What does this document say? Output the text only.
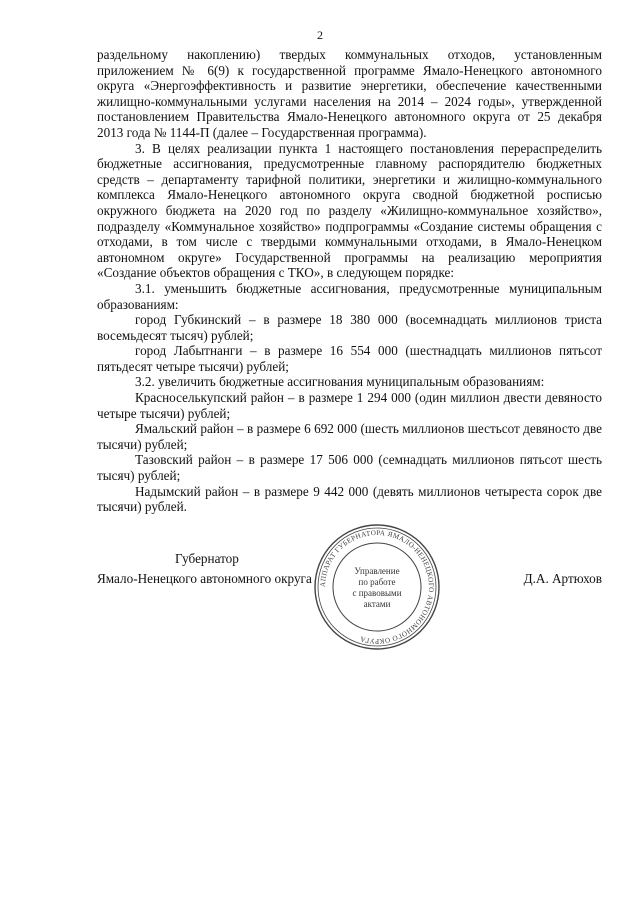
2

раздельному накоплению) твердых коммунальных отходов, установленным приложением № 6(9) к государственной программе Ямало-Ненецкого автономного округа «Энергоэффективность и развитие энергетики, обеспечение качественными жилищно-коммунальными услугами населения на 2014 – 2024 годы», утвержденной постановлением Правительства Ямало-Ненецкого автономного округа от 25 декабря 2013 года № 1144-П (далее – Государственная программа).

3. В целях реализации пункта 1 настоящего постановления перераспределить бюджетные ассигнования, предусмотренные главному распорядителю бюджетных средств – департаменту тарифной политики, энергетики и жилищно-коммунального комплекса Ямало-Ненецкого автономного округа сводной бюджетной росписью окружного бюджета на 2020 год по разделу «Жилищно-коммунальное хозяйство», подразделу «Коммунальное хозяйство» подпрограммы «Создание системы обращения с отходами, в том числе с твердыми коммунальными отходами, в Ямало-Ненецком автономном округе» Государственной программы на реализацию мероприятия «Создание объектов обращения с ТКО», в следующем порядке:

3.1. уменьшить бюджетные ассигнования, предусмотренные муниципальным образованиям:

город Губкинский – в размере 18 380 000 (восемнадцать миллионов триста восемьдесят тысяч) рублей;

город Лабытнанги – в размере 16 554 000 (шестнадцать миллионов пятьсот пятьдесят четыре тысячи) рублей;

3.2. увеличить бюджетные ассигнования муниципальным образованиям:

Красноселькупский район – в размере 1 294 000 (один миллион двести девяносто четыре тысячи) рублей;

Ямальский район – в размере 6 692 000 (шесть миллионов шестьсот девяносто две тысячи) рублей;

Тазовский район – в размере 17 506 000 (семнадцать миллионов пятьсот шесть тысяч) рублей;

Надымский район – в размере 9 442 000 (девять миллионов четыреста сорок две тысячи) рублей.

Губернатор
Ямало-Ненецкого автономного округа	Д.А. Артюхов
АППАРАТ ГУБЕРНАТОРА ЯМАЛО-НЕНЕЦКОГО АВТОНОМНОГО ОКРУГА
Управление
по работе
с правовыми
актами
